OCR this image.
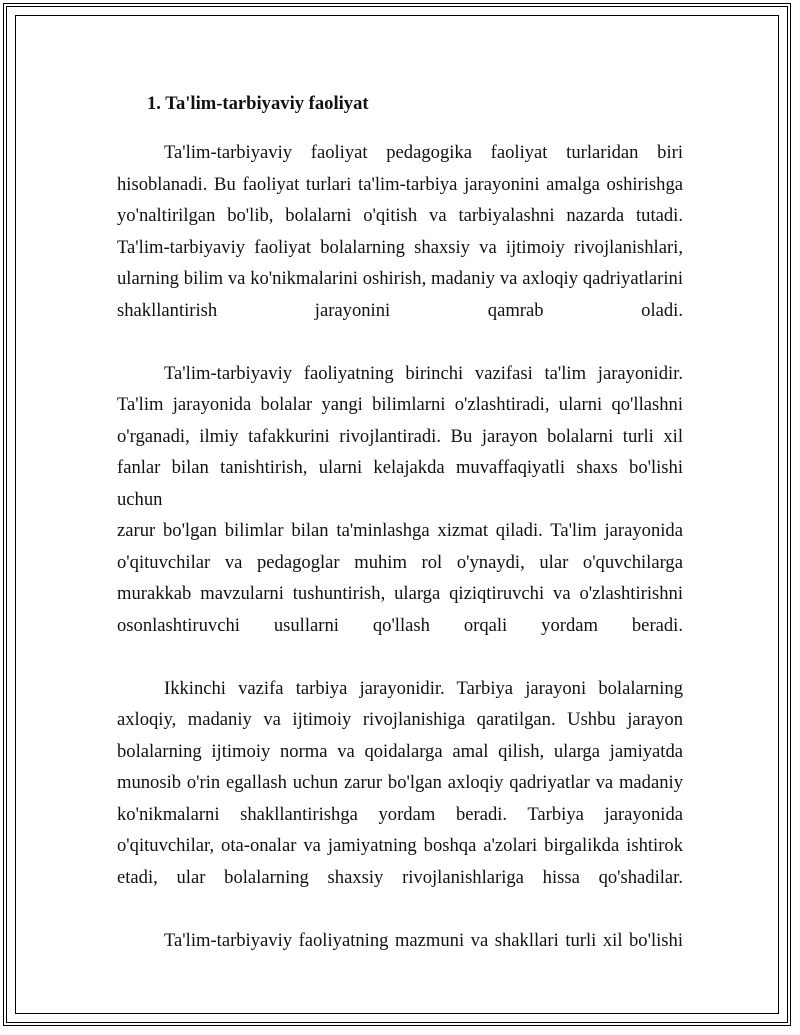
1. Ta'lim-tarbiyaviy faoliyat
Ta'lim-tarbiyaviy faoliyat pedagogika faoliyat turlaridan biri
hisoblanadi. Bu faoliyat turlari ta'lim-tarbiya jarayonini amalga oshirishga
yo'naltirilgan bo'lib, bolalarni o'qitish va tarbiyalashni nazarda tutadi.
Ta'lim-tarbiyaviy faoliyat bolalarning shaxsiy va ijtimoiy rivojlanishlari,
ularning bilim va ko'nikmalarini oshirish, madaniy va axloqiy qadriyatlarini
shakllantirish jarayonini qamrab oladi.
Ta'lim-tarbiyaviy faoliyatning birinchi vazifasi ta'lim jarayonidir.
Ta'lim jarayonida bolalar yangi bilimlarni o'zlashtiradi, ularni qo'llashni
o'rganadi, ilmiy tafakkurini rivojlantiradi. Bu jarayon bolalarni turli xil
fanlar bilan tanishtirish, ularni kelajakda muvaffaqiyatli shaxs bo'lishi uchun
zarur bo'lgan bilimlar bilan ta'minlashga xizmat qiladi. Ta'lim jarayonida
o'qituvchilar va pedagoglar muhim rol o'ynaydi, ular o'quvchilarga
murakkab mavzularni tushuntirish, ularga qiziqtiruvchi va o'zlashtirishni
osonlashtiruvchi usullarni qo'llash orqali yordam beradi.
Ikkinchi vazifa tarbiya jarayonidir. Tarbiya jarayoni bolalarning
axloqiy, madaniy va ijtimoiy rivojlanishiga qaratilgan. Ushbu jarayon
bolalarning ijtimoiy norma va qoidalarga amal qilish, ularga jamiyatda
munosib o'rin egallash uchun zarur bo'lgan axloqiy qadriyatlar va madaniy
ko'nikmalarni shakllantirishga yordam beradi. Tarbiya jarayonida
o'qituvchilar, ota-onalar va jamiyatning boshqa a'zolari birgalikda ishtirok
etadi, ular bolalarning shaxsiy rivojlanishlariga hissa qo'shadilar.
Ta'lim-tarbiyaviy faoliyatning mazmuni va shakllari turli xil bo'lishi
